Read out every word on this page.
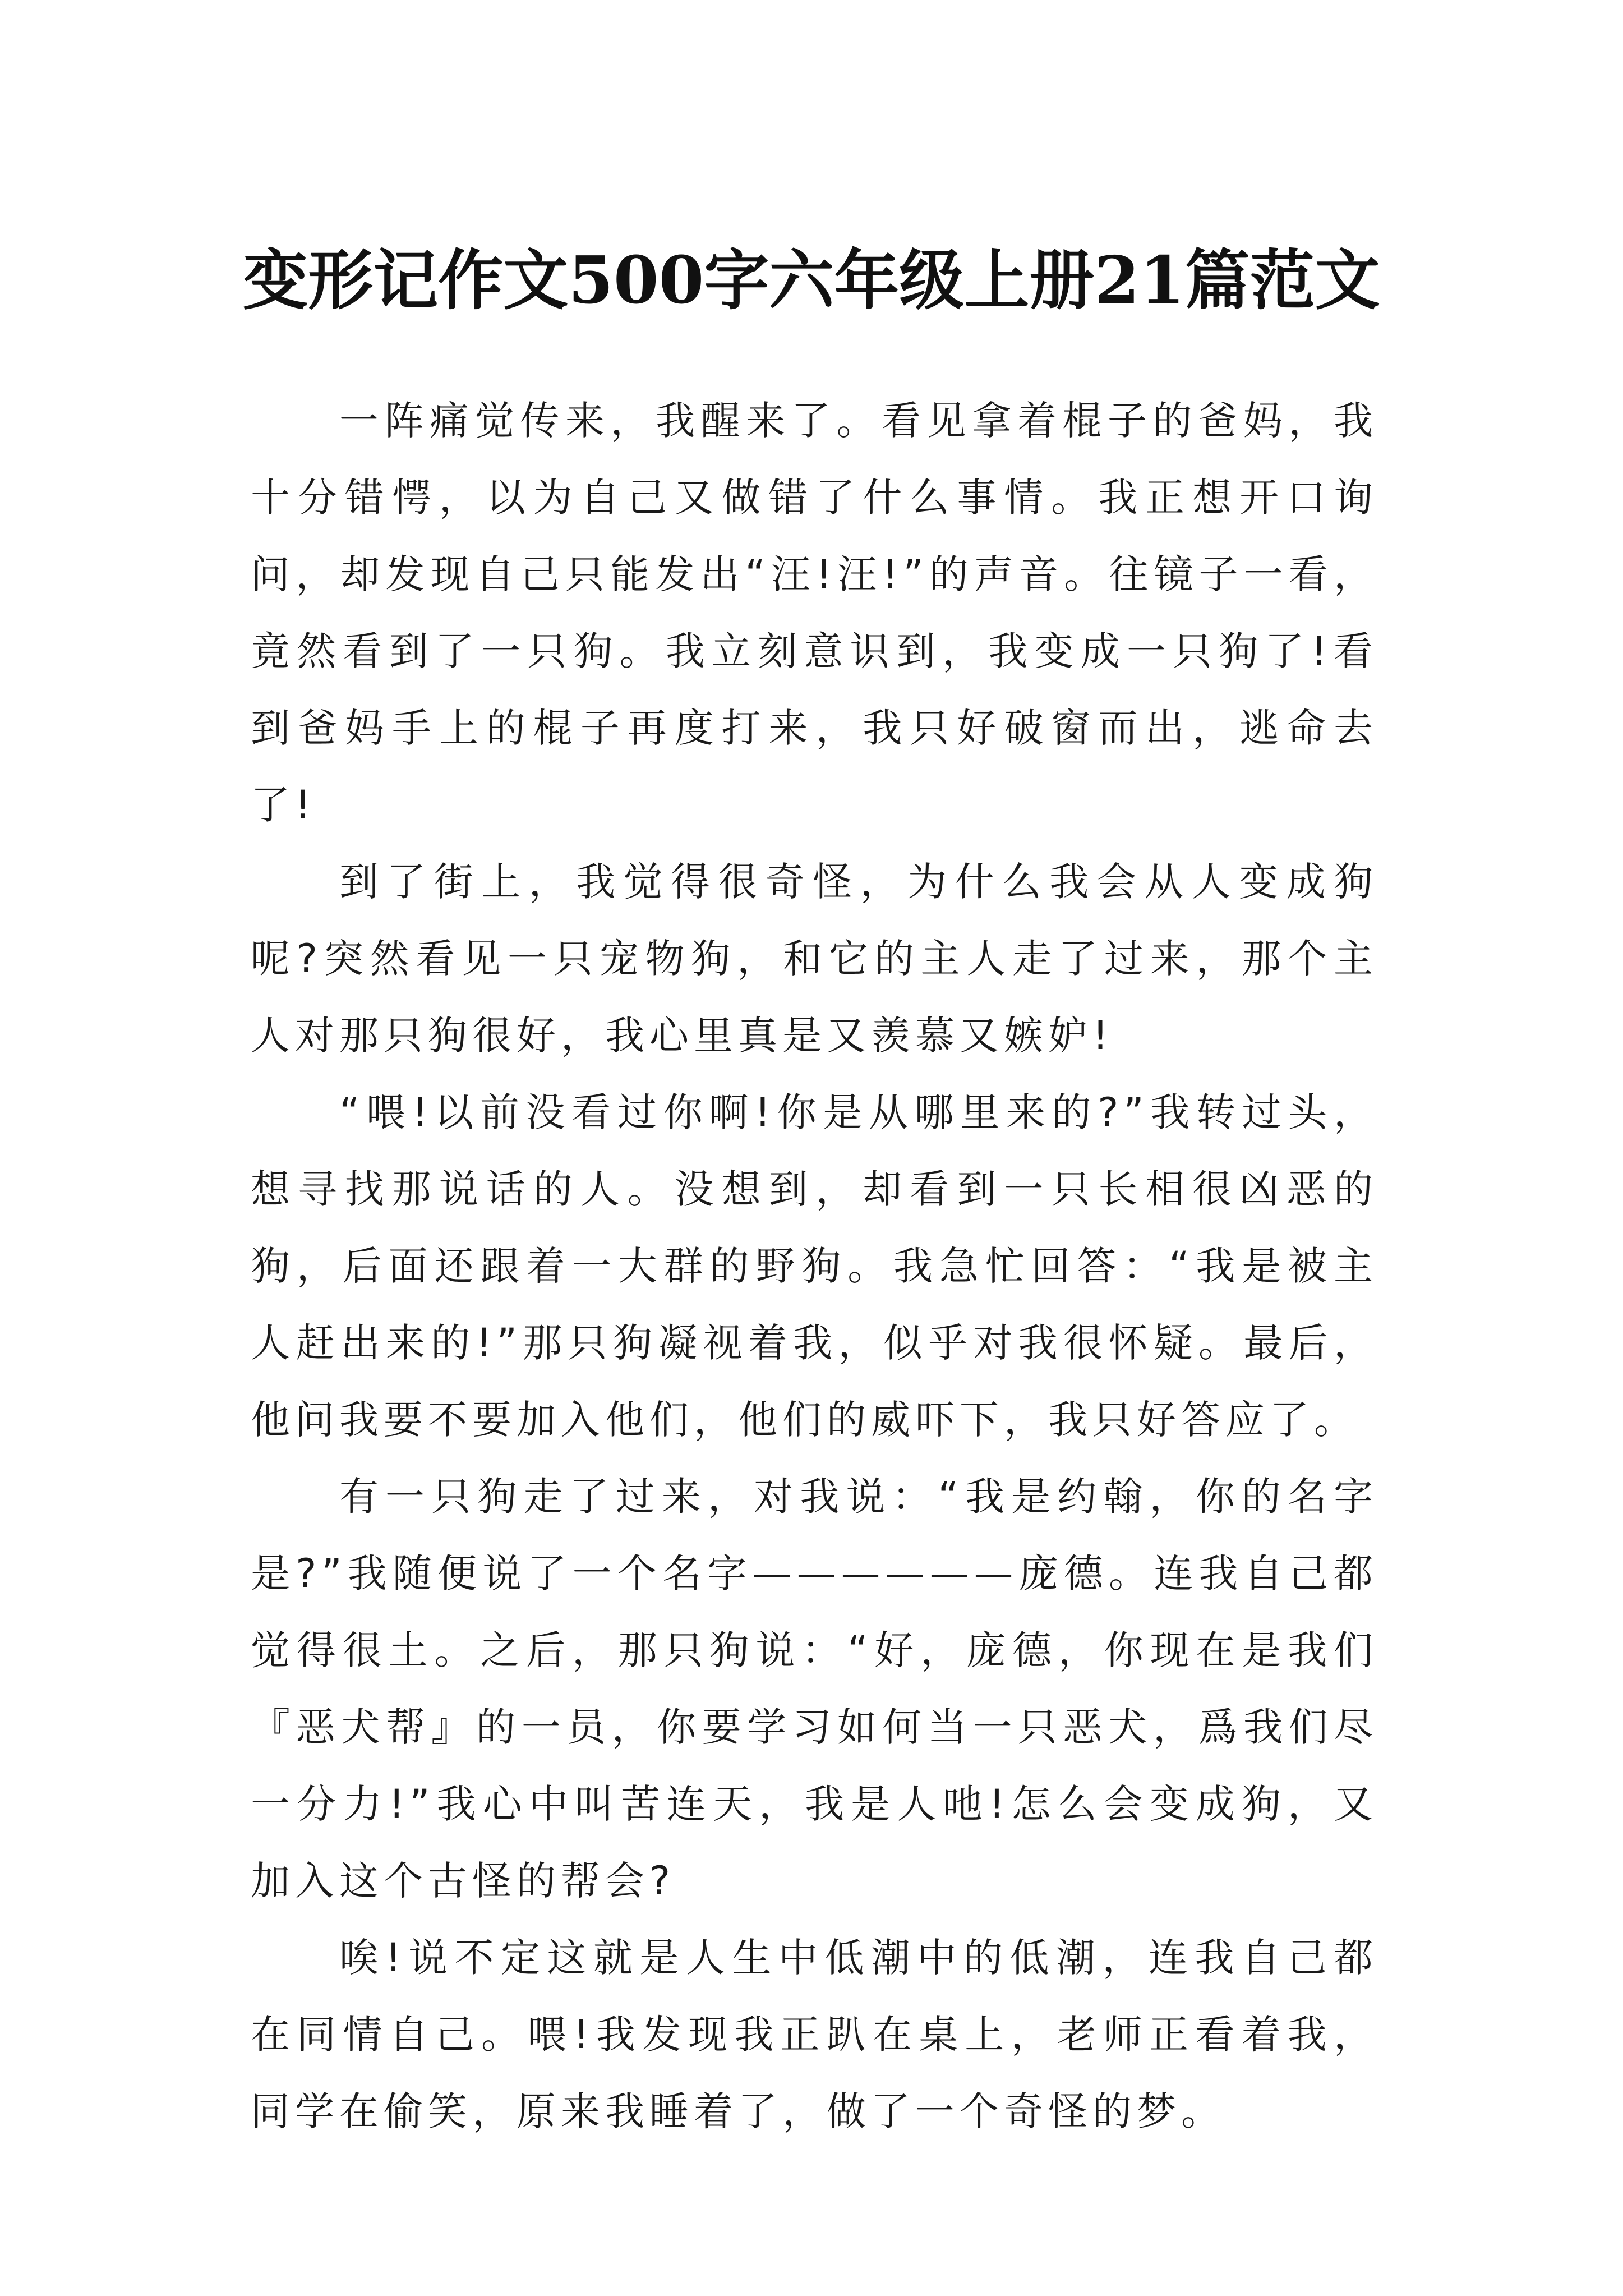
变形记作文500字六年级上册21篇范文

一阵痛觉传来，我醒来了。看见拿着棍子的爸妈，我十分错愕，以为自己又做错了什么事情。我正想开口询问，却发现自己只能发出“汪!汪!”的声音。往镜子一看，竟然看到了一只狗。我立刻意识到，我变成一只狗了!看到爸妈手上的棍子再度打来，我只好破窗而出，逃命去了!

到了街上，我觉得很奇怪，为什么我会从人变成狗呢?突然看见一只宠物狗，和它的主人走了过来，那个主人对那只狗很好，我心里真是又羡慕又嫉妒!

“喂!以前没看过你啊!你是从哪里来的?”我转过头，想寻找那说话的人。没想到，却看到一只长相很凶恶的狗，后面还跟着一大群的野狗。我急忙回答：“我是被主人赶出来的!”那只狗凝视着我，似乎对我很怀疑。最后，他问我要不要加入他们，他们的威吓下，我只好答应了。

有一只狗走了过来，对我说：“我是约翰，你的名字是?”我随便说了一个名字——————庞德。连我自己都觉得很土。之后，那只狗说：“好，庞德，你现在是我们『恶犬帮』的一员，你要学习如何当一只恶犬，爲我们尽一分力!”我心中叫苦连天，我是人吔!怎么会变成狗，又加入这个古怪的帮会?

唉!说不定这就是人生中低潮中的低潮，连我自己都在同情自己。喂!我发现我正趴在桌上，老师正看着我，同学在偷笑，原来我睡着了，做了一个奇怪的梦。
